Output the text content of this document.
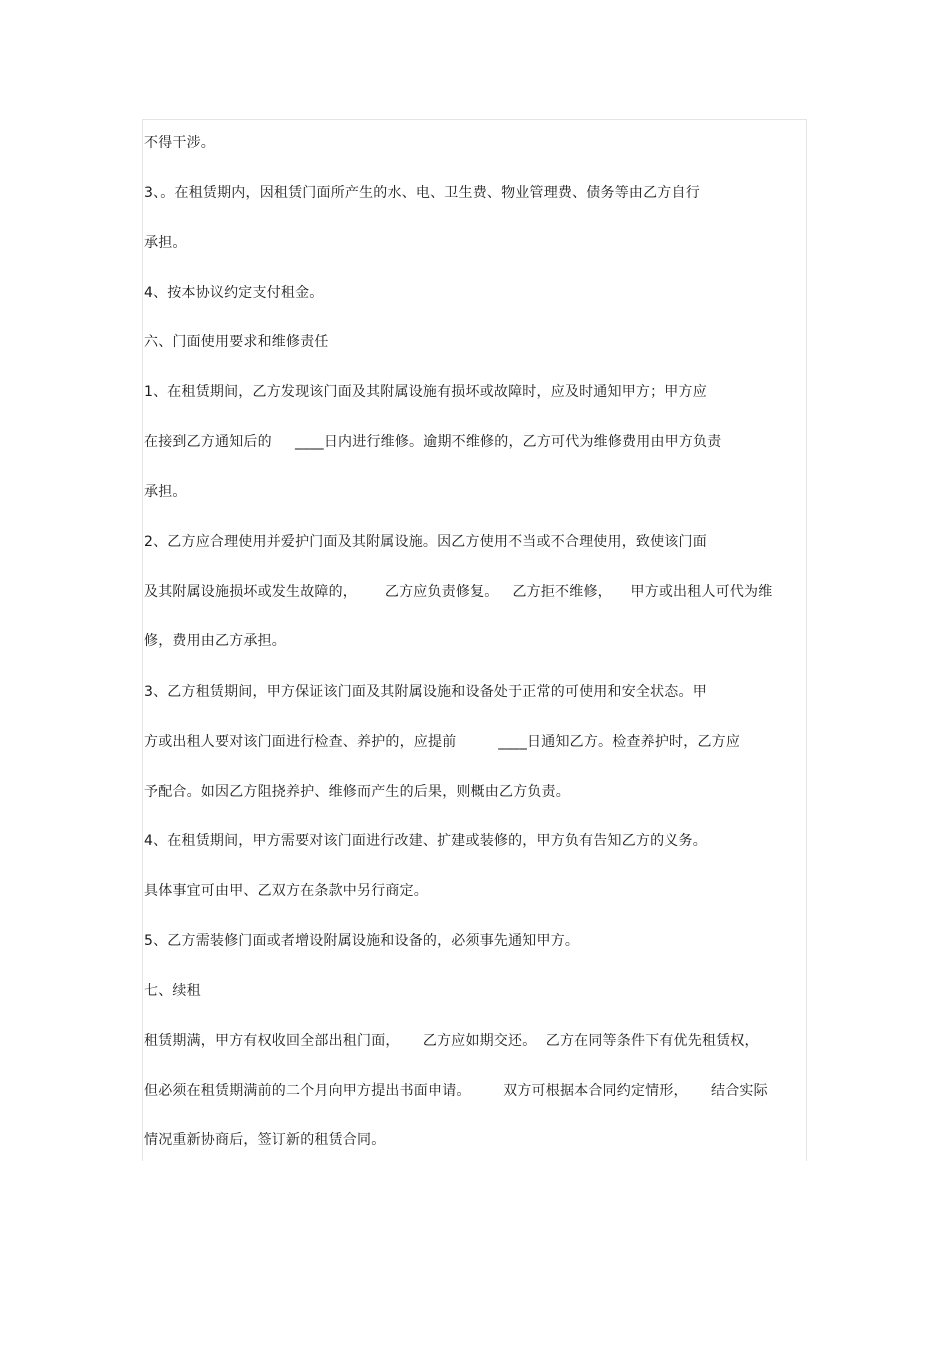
不得干涉。
3、。在租赁期内，因租赁门面所产生的水、电、卫生费、物业管理费、债务等由乙方自行
承担。
4、按本协议约定支付租金。
六、门面使用要求和维修责任
1、在租赁期间，乙方发现该门面及其附属设施有损坏或故障时，应及时通知甲方；甲方应
在接到乙方通知后的     ____日内进行维修。逾期不维修的，乙方可代为维修费用由甲方负责
承担。
2、乙方应合理使用并爱护门面及其附属设施。因乙方使用不当或不合理使用，致使该门面
及其附属设施损坏或发生故障的，      乙方应负责修复。   乙方拒不维修，    甲方或出租人可代为维
修，费用由乙方承担。
3、乙方租赁期间，甲方保证该门面及其附属设施和设备处于正常的可使用和安全状态。甲
方或出租人要对该门面进行检查、养护的，应提前         ____日通知乙方。检查养护时，乙方应
予配合。如因乙方阻挠养护、维修而产生的后果，则概由乙方负责。
4、在租赁期间，甲方需要对该门面进行改建、扩建或装修的，甲方负有告知乙方的义务。
具体事宜可由甲、乙双方在条款中另行商定。
5、乙方需装修门面或者增设附属设施和设备的，必须事先通知甲方。
七、续租
租赁期满，甲方有权收回全部出租门面，     乙方应如期交还。  乙方在同等条件下有优先租赁权，
但必须在租赁期满前的二个月向甲方提出书面申请。       双方可根据本合同约定情形，     结合实际
情况重新协商后，签订新的租赁合同。
